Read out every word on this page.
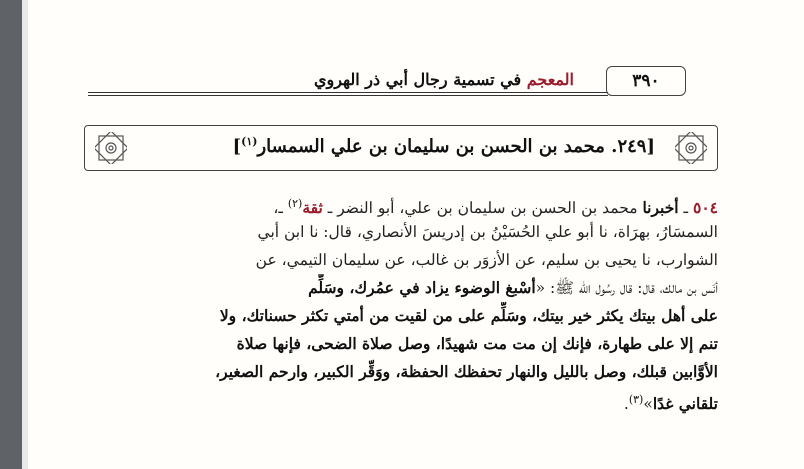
المعجم في تسمية رجال أبي ذر الهروي	٣٩٠
[٢٤٩. محمد بن الحسن بن سليمان بن علي السمسار$^{(١)}$]
٥٠٤ ـ أخبرنا محمد بن الحسن بن سليمان بن علي، أبو النضر ـ ثقة$^{(٢)}$ ـ،
السمسَارُ، بهرَاة، نا أبو علي الحُسَيْنُ بن إدريسَ الأنصاري، قال: نا ابن أبي
الشوارب، نا يحيى بن سليم، عن الأزوَر بن غالب، عن سليمان التيمي، عن
أنَس بن مالك، قال: قال رسُول الله ﷺ: «أسْبغ الوضوء يزاد في عمُرك، وسَلِّم
على أهل بيتك يكثر خير بيتك، وسَلِّم على من لقيت من أمتي تكثر حسناتك، ولا
تنم إلا على طهارة، فإنك إن مت مت شهيدًا، وصل صلاة الضحى، فإنها صلاة
الأوَّابين قبلك، وصل بالليل والنهار تحفظك الحفظة، ووَقِّر الكبير، وارحم الصغير،
تلقاني غدًا»$^{(٣)}$.
